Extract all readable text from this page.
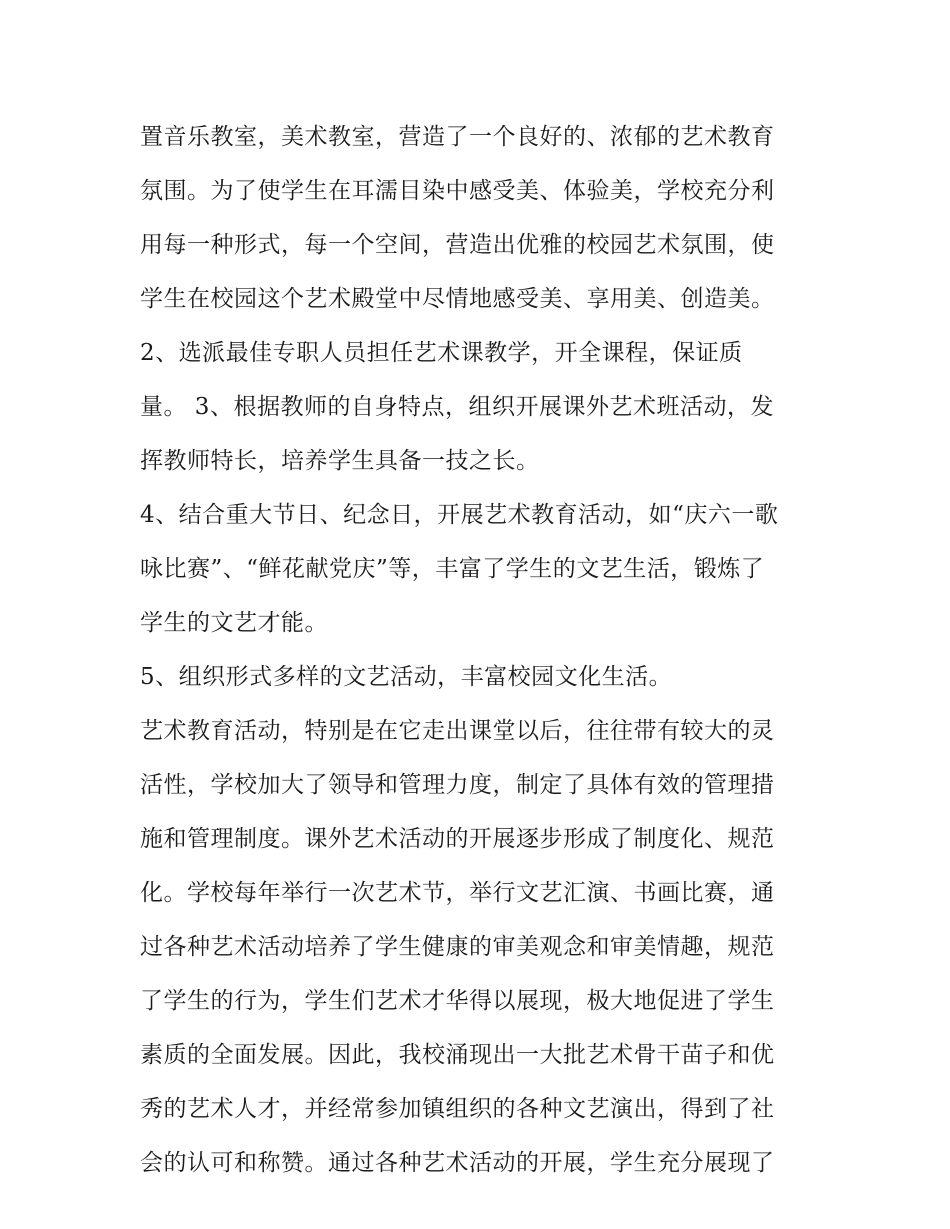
置音乐教室，美术教室，营造了一个良好的、浓郁的艺术教育
氛围。为了使学生在耳濡目染中感受美、体验美，学校充分利
用每一种形式，每一个空间，营造出优雅的校园艺术氛围，使
学生在校园这个艺术殿堂中尽情地感受美、享用美、创造美。
2、选派最佳专职人员担任艺术课教学，开全课程，保证质
量。 3、根据教师的自身特点，组织开展课外艺术班活动，发
挥教师特长，培养学生具备一技之长。
4、结合重大节日、纪念日，开展艺术教育活动，如“庆六一歌
咏比赛”、“鲜花献党庆”等，丰富了学生的文艺生活，锻炼了
学生的文艺才能。
5、组织形式多样的文艺活动，丰富校园文化生活。
艺术教育活动，特别是在它走出课堂以后，往往带有较大的灵
活性，学校加大了领导和管理力度，制定了具体有效的管理措
施和管理制度。课外艺术活动的开展逐步形成了制度化、规范
化。学校每年举行一次艺术节，举行文艺汇演、书画比赛，通
过各种艺术活动培养了学生健康的审美观念和审美情趣，规范
了学生的行为，学生们艺术才华得以展现，极大地促进了学生
素质的全面发展。因此，我校涌现出一大批艺术骨干苗子和优
秀的艺术人才，并经常参加镇组织的各种文艺演出，得到了社
会的认可和称赞。通过各种艺术活动的开展，学生充分展现了
